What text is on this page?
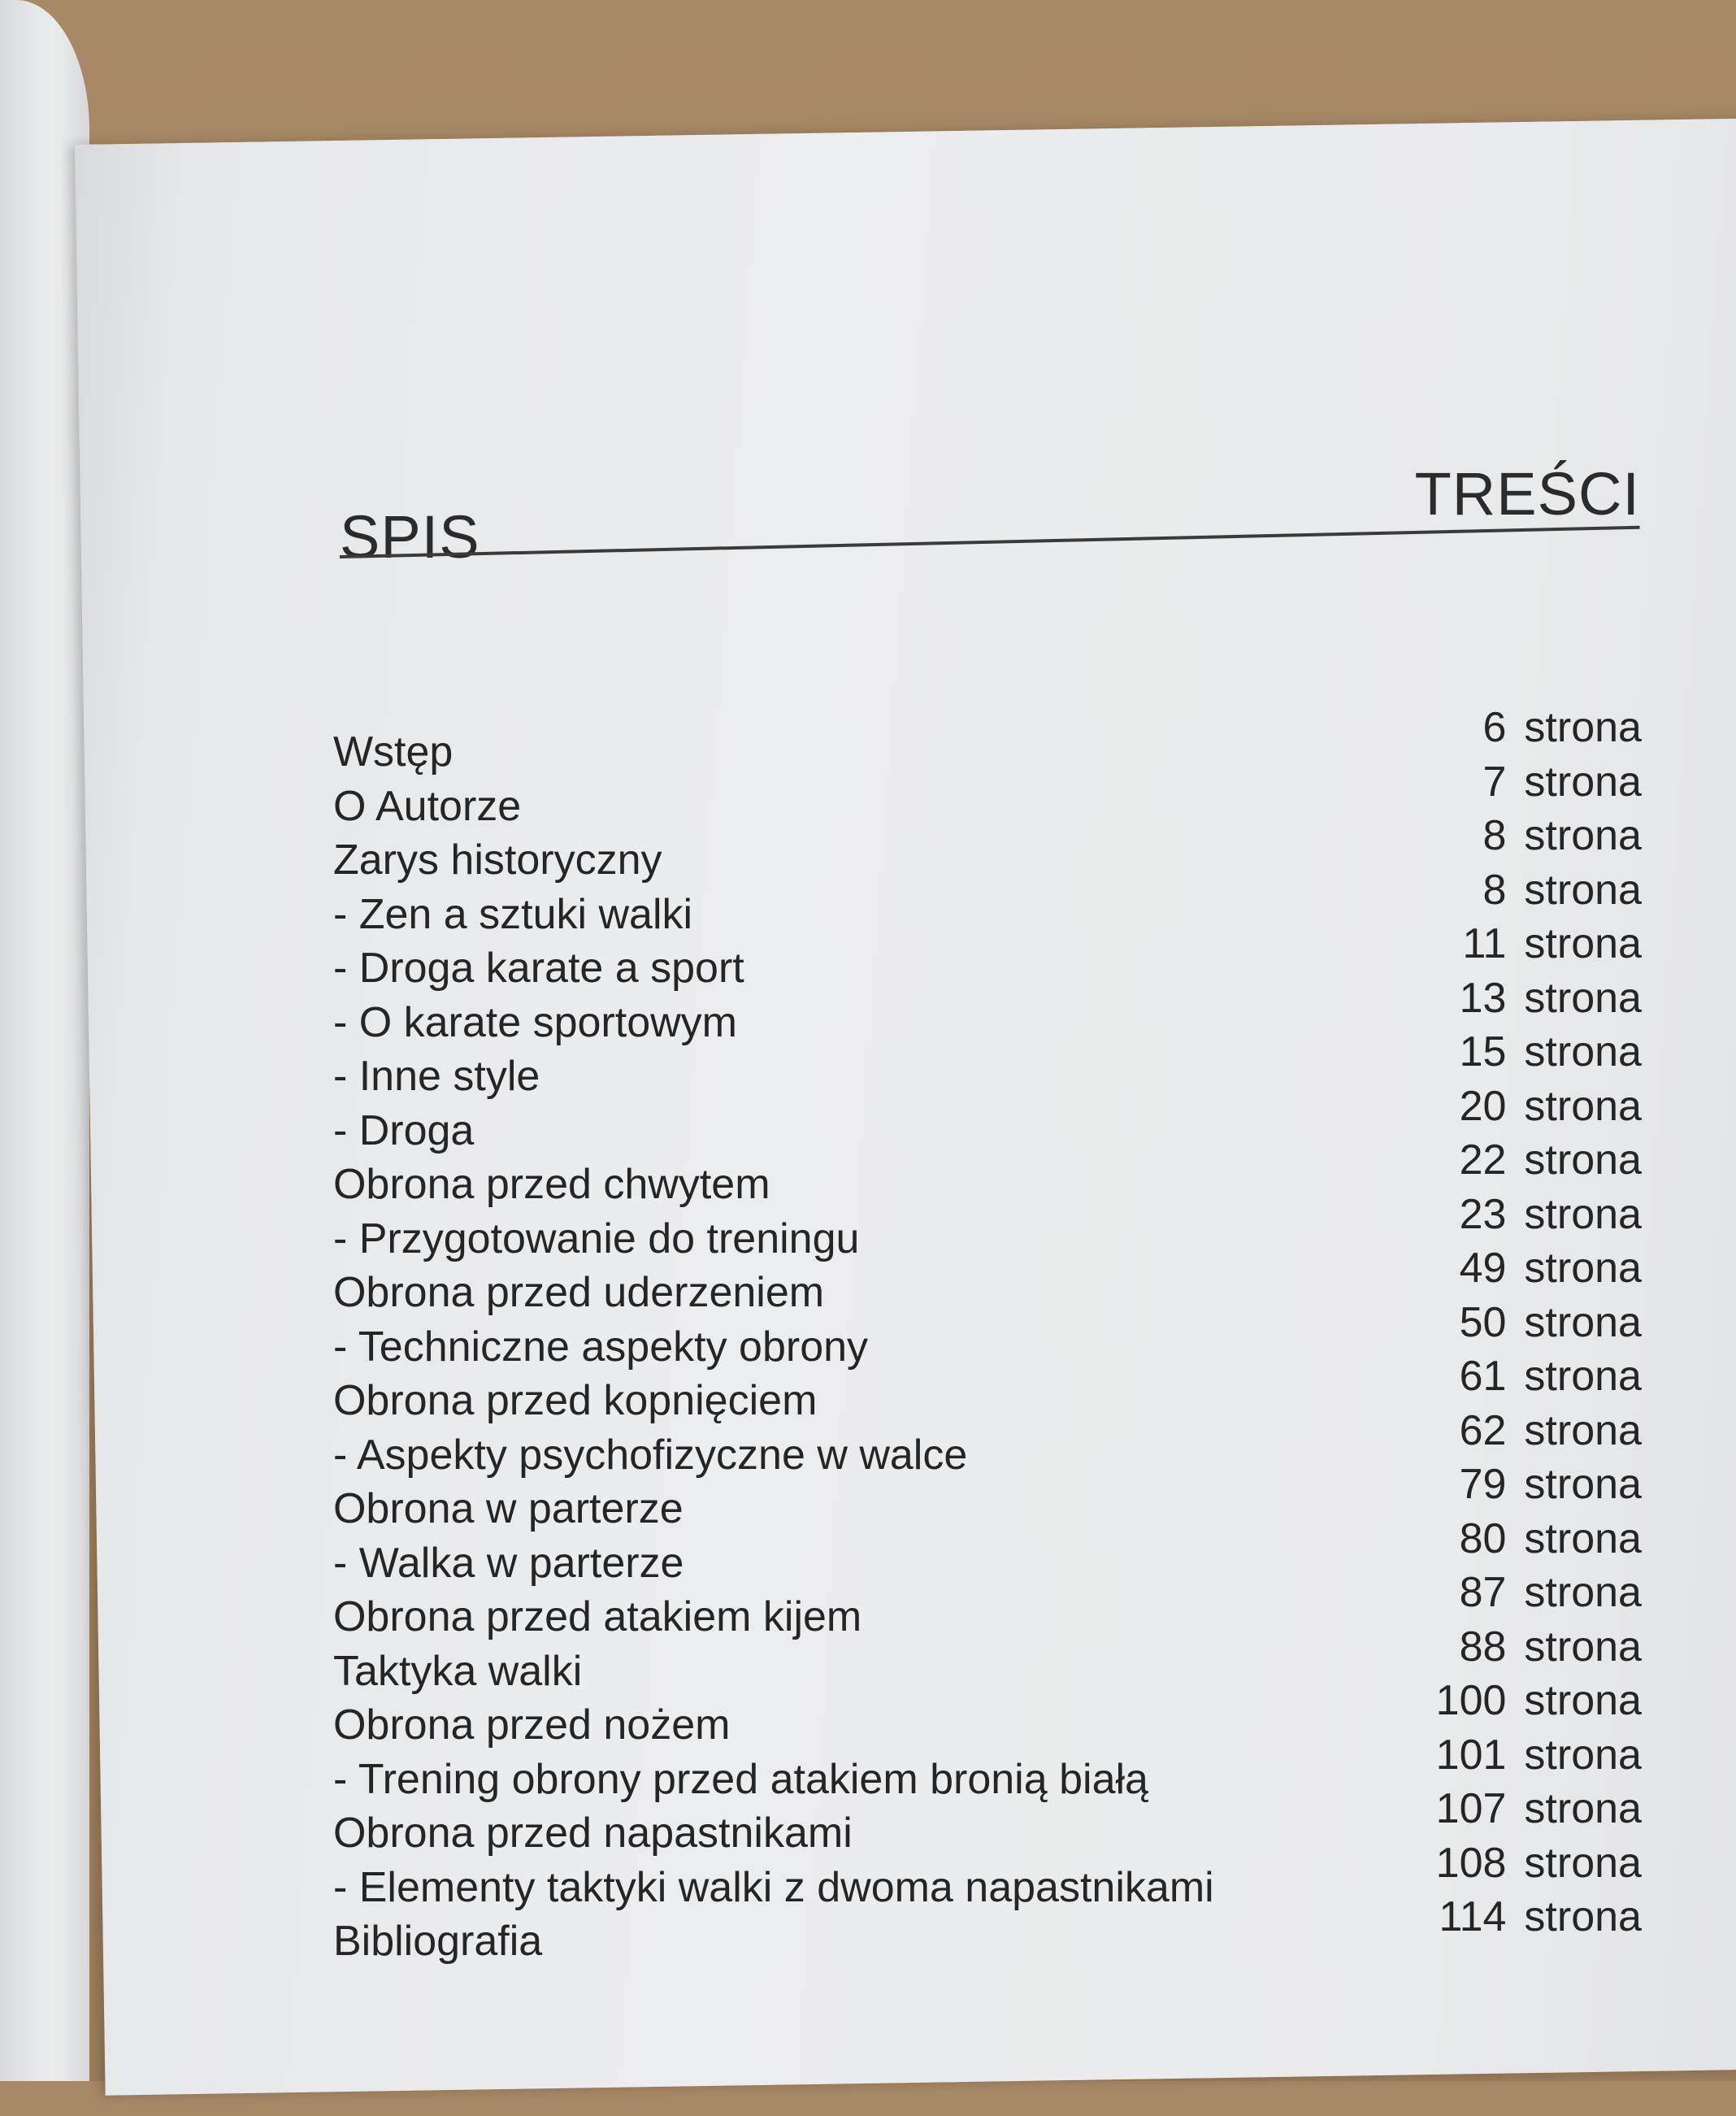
SPIS
TREŚCI
Wstęp
6 strona
O Autorze
7 strona
Zarys historyczny
8 strona
- Zen a sztuki walki
8 strona
- Droga karate a sport
11 strona
- O karate sportowym
13 strona
- Inne style
15 strona
- Droga
20 strona
Obrona przed chwytem
22 strona
- Przygotowanie do treningu
23 strona
Obrona przed uderzeniem
49 strona
- Techniczne aspekty obrony
50 strona
Obrona przed kopnięciem
61 strona
- Aspekty psychofizyczne w walce
62 strona
Obrona w parterze
79 strona
- Walka w parterze
80 strona
Obrona przed atakiem kijem
87 strona
Taktyka walki
88 strona
Obrona przed nożem
100 strona
- Trening obrony przed atakiem bronią białą
101 strona
Obrona przed napastnikami
107 strona
- Elementy taktyki walki z dwoma napastnikami
108 strona
Bibliografia
114 strona
